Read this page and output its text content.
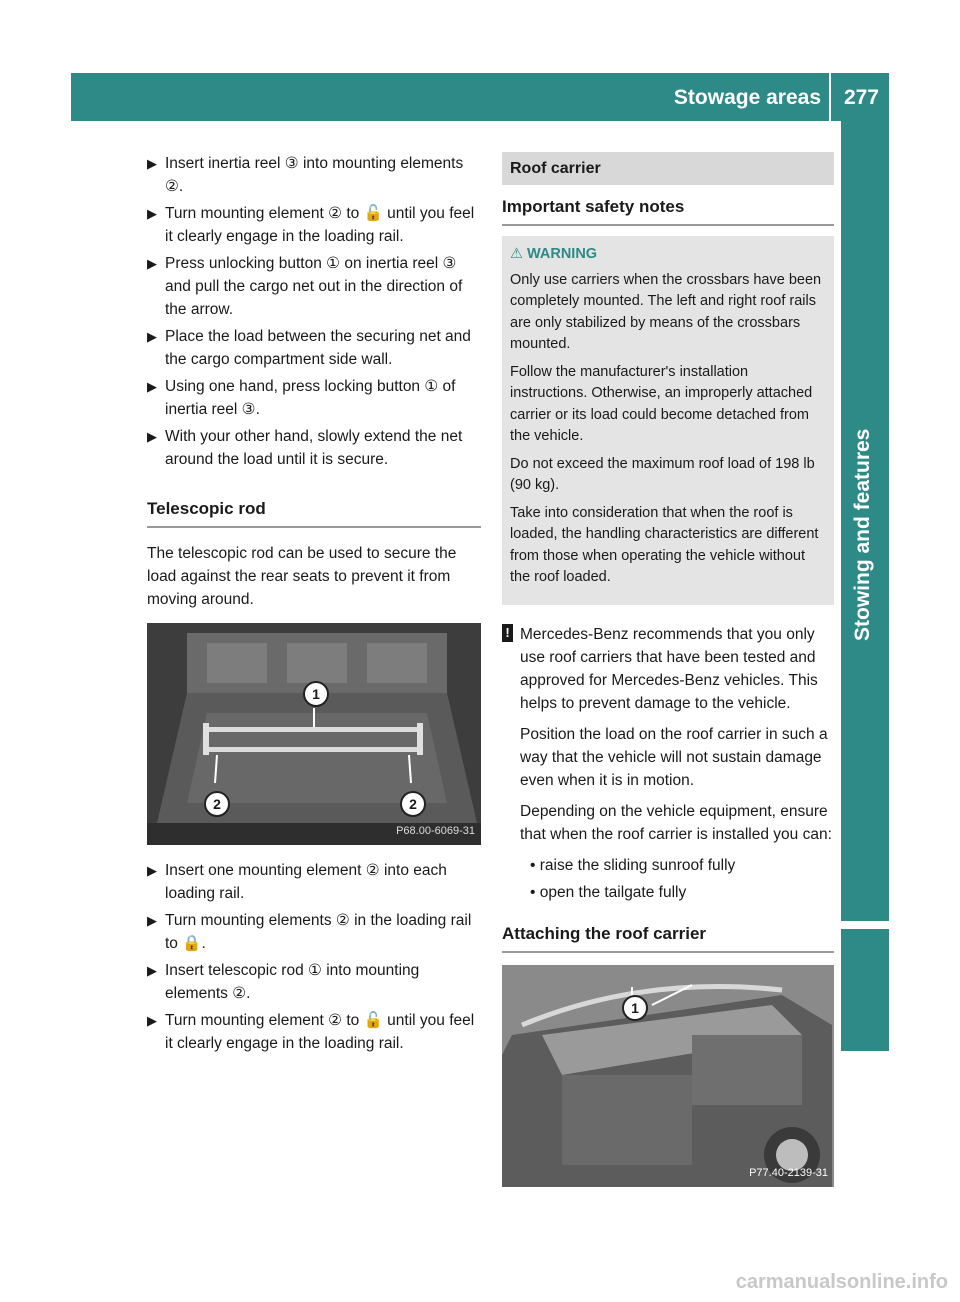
Stowage areas 277
Stowing and features
▶ Insert inertia reel ③ into mounting elements ②.
▶ Turn mounting element ② to 🔓 until you feel it clearly engage in the loading rail.
▶ Press unlocking button ① on inertia reel ③ and pull the cargo net out in the direction of the arrow.
▶ Place the load between the securing net and the cargo compartment side wall.
▶ Using one hand, press locking button ① of inertia reel ③.
▶ With your other hand, slowly extend the net around the load until it is secure.
Telescopic rod
The telescopic rod can be used to secure the load against the rear seats to prevent it from moving around.
1
2	2
P68.00-6069-31
▶ Insert one mounting element ② into each loading rail.
▶ Turn mounting elements ② in the loading rail to 🔒.
▶ Insert telescopic rod ① into mounting elements ②.
▶ Turn mounting element ② to 🔓 until you feel it clearly engage in the loading rail.
Roof carrier
Important safety notes
⚠ WARNING

Only use carriers when the crossbars have been completely mounted. The left and right roof rails are only stabilized by means of the crossbars mounted.

Follow the manufacturer's installation instructions. Otherwise, an improperly attached carrier or its load could become detached from the vehicle.

Do not exceed the maximum roof load of 198 lb (90 kg).

Take into consideration that when the roof is loaded, the handling characteristics are different from those when operating the vehicle without the roof loaded.

! Mercedes-Benz recommends that you only use roof carriers that have been tested and approved for Mercedes-Benz vehicles. This helps to prevent damage to the vehicle.

Position the load on the roof carrier in such a way that the vehicle will not sustain damage even when it is in motion.

Depending on the vehicle equipment, ensure that when the roof carrier is installed you can:

• raise the sliding sunroof fully
• open the tailgate fully
Attaching the roof carrier
1
P77.40-2139-31
carmanualsonline.info
